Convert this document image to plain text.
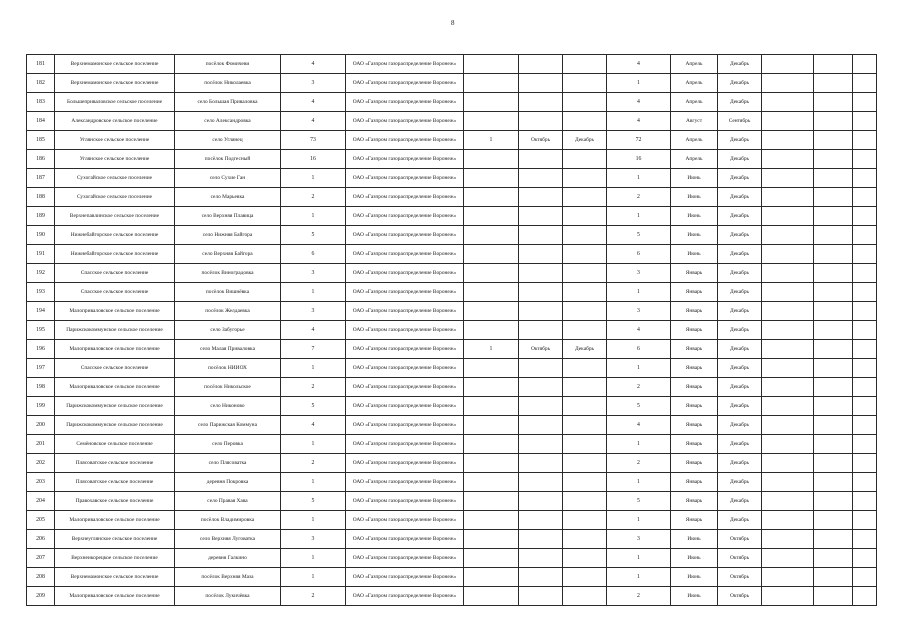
8
181	Верхнемамонское сельское поселение	посёлок Фомичеви	4	ОАО «Газпром газораспределение Воронеж»				4	Апрель	Декабрь			
182	Верхнемамонское сельское поселение	посёлок Николаевка	3	ОАО «Газпром газораспределение Воронеж»				1	Апрель	Декабрь			
183	Большеприваловское сельское поселение	село Большая Приваловка	4	ОАО «Газпром газораспределение Воронеж»				4	Апрель	Декабрь			
184	Александровское сельское поселение	село Александровка	4	ОАО «Газпром газораспределение Воронеж»				4	Август	Сентябрь			
185	Углянское сельское поселение	село Углянец	73	ОАО «Газпром газораспределение Воронеж»	1	Октябрь	Декабрь	72	Апрель	Декабрь			
186	Углянское сельское поселение	посёлок Подгесный	16	ОАО «Газпром газораспределение Воронеж»				16	Апрель	Декабрь			
187	Сухогайское сельское поселение	село Сухие Ган	1	ОАО «Газпром газораспределение Воронеж»				1	Июнь	Декабрь			
188	Сухогайское сельское поселение	село Марьевка	2	ОАО «Газпром газораспределение Воронеж»				2	Июнь	Декабрь			
189	Верхнепавлинское сельское поселение	село Верхняя Плавица	1	ОАО «Газпром газораспределение Воронеж»				1	Июнь	Декабрь			
190	Нижнебайгорское сельское поселение	село Нижняя Байгора	5	ОАО «Газпром газораспределение Воронеж»				5	Июнь	Декабрь			
191	Нижнебайгорское сельское поселение	село Верхняя Байгора	6	ОАО «Газпром газораспределение Воронеж»				6	Июнь	Декабрь			
192	Спасское сельское поселение	посёлок Виноградовка	3	ОАО «Газпром газораспределение Воронеж»				3	Январь	Декабрь			
193	Спасское сельское поселение	посёлок Вишнёвка	1	ОАО «Газпром газораспределение Воронеж»				1	Январь	Декабрь			
194	Малоприваловское сельское поселение	посёлок Желдаевка	3	ОАО «Газпром газораспределение Воронеж»				3	Январь	Декабрь			
195	Парижскокоммунское сельское поселение	село Забугорье	4	ОАО «Газпром газораспределение Воронеж»				4	Январь	Декабрь			
196	Малоприваловское сельское поселение	село Малая Приваловка	7	ОАО «Газпром газораспределение Воронеж»	1	Октябрь	Декабрь	6	Январь	Декабрь			
197	Спасское сельское поселение	посёлок НИИОХ	1	ОАО «Газпром газораспределение Воронеж»				1	Январь	Декабрь			
198	Малоприваловское сельское поселение	посёлок Никольское	2	ОАО «Газпром газораспределение Воронеж»				2	Январь	Декабрь			
199	Парижскокоммунское сельское поселение	село Никоново	5	ОАО «Газпром газораспределение Воронеж»				5	Январь	Декабрь			
200	Парижскокоммунское сельское поселение	село Парижская Коммуна	4	ОАО «Газпром газораспределение Воронеж»				4	Январь	Декабрь			
201	Семёновское сельское поселение	село Перовка	1	ОАО «Газпром газораспределение Воронеж»				1	Январь	Декабрь			
202	Плясоватское сельское поселение	село Плясоватка	2	ОАО «Газпром газораспределение Воронеж»				2	Январь	Декабрь			
203	Плясоватское сельское поселение	деревня Покровка	1	ОАО «Газпром газораспределение Воронеж»				1	Январь	Декабрь			
204	Правохавское сельское поселение	село Правая Хава	5	ОАО «Газпром газораспределение Воронеж»				5	Январь	Декабрь			
205	Малоприваловское сельское поселение	посёлок Владимировка	1	ОАО «Газпром газораспределение Воронеж»				1	Январь	Декабрь			
206	Верхнеуглянское сельское поселение	село Верхняя Луговатка	3	ОАО «Газпром газораспределение Воронеж»				3	Июнь	Октябрь			
207	Верхнеикорецкое сельское поселение	деревня Галкино	1	ОАО «Газпром газораспределение Воронеж»				1	Июнь	Октябрь			
208	Верхнемамонское сельское поселение	посёлок Верхняя Маза	1	ОАО «Газпром газораспределение Воронеж»				1	Июнь	Октябрь			
209	Малоприваловское сельское поселение	посёлок Лукичёвка	2	ОАО «Газпром газораспределение Воронеж»				2	Июнь	Октябрь			
